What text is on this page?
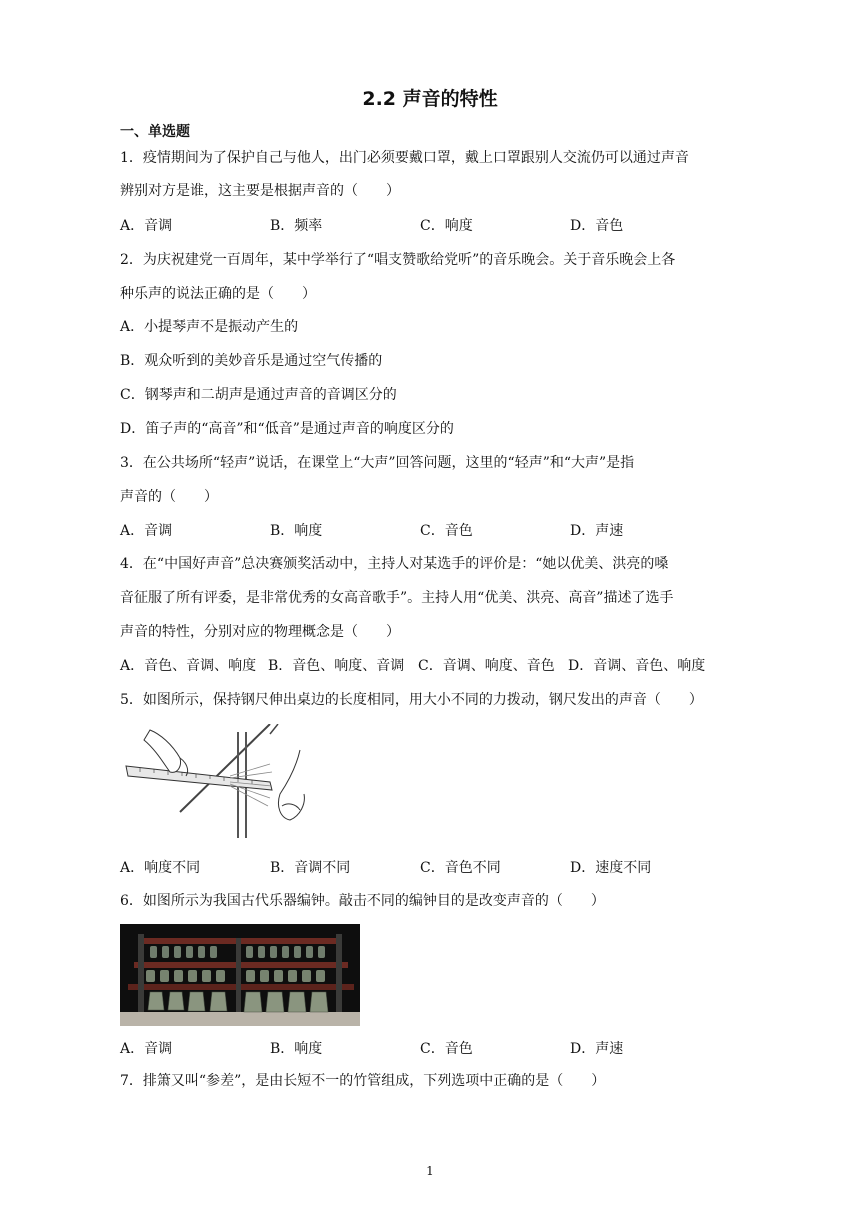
2.2 声音的特性
一、单选题
1．疫情期间为了保护自己与他人，出门必须要戴口罩，戴上口罩跟别人交流仍可以通过声音
辨别对方是谁，这主要是根据声音的（　　）
A．音调	B．频率	C．响度	D．音色
2．为庆祝建党一百周年，某中学举行了“唱支赞歌给党听”的音乐晚会。关于音乐晚会上各
种乐声的说法正确的是（　　）
A．小提琴声不是振动产生的
B．观众听到的美妙音乐是通过空气传播的
C．钢琴声和二胡声是通过声音的音调区分的
D．笛子声的“高音”和“低音”是通过声音的响度区分的
3．在公共场所“轻声”说话，在课堂上“大声”回答问题，这里的“轻声”和“大声”是指
声音的（　　）
A．音调	B．响度	C．音色	D．声速
4．在“中国好声音”总决赛颁奖活动中，主持人对某选手的评价是：“她以优美、洪亮的嗓
音征服了所有评委，是非常优秀的女高音歌手”。主持人用“优美、洪亮、高音”描述了选手
声音的特性，分别对应的物理概念是（　　）
A．音色、音调、响度 B．音色、响度、音调 C．音调、响度、音色 D．音调、音色、响度
5．如图所示，保持钢尺伸出桌边的长度相同，用大小不同的力拨动，钢尺发出的声音（　　）
A．响度不同	B．音调不同	C．音色不同	D．速度不同
6．如图所示为我国古代乐器编钟。敲击不同的编钟目的是改变声音的（　　）
A．音调	B．响度	C．音色	D．声速
7．排箫又叫“参差”，是由长短不一的竹管组成，下列选项中正确的是（　　）
1
